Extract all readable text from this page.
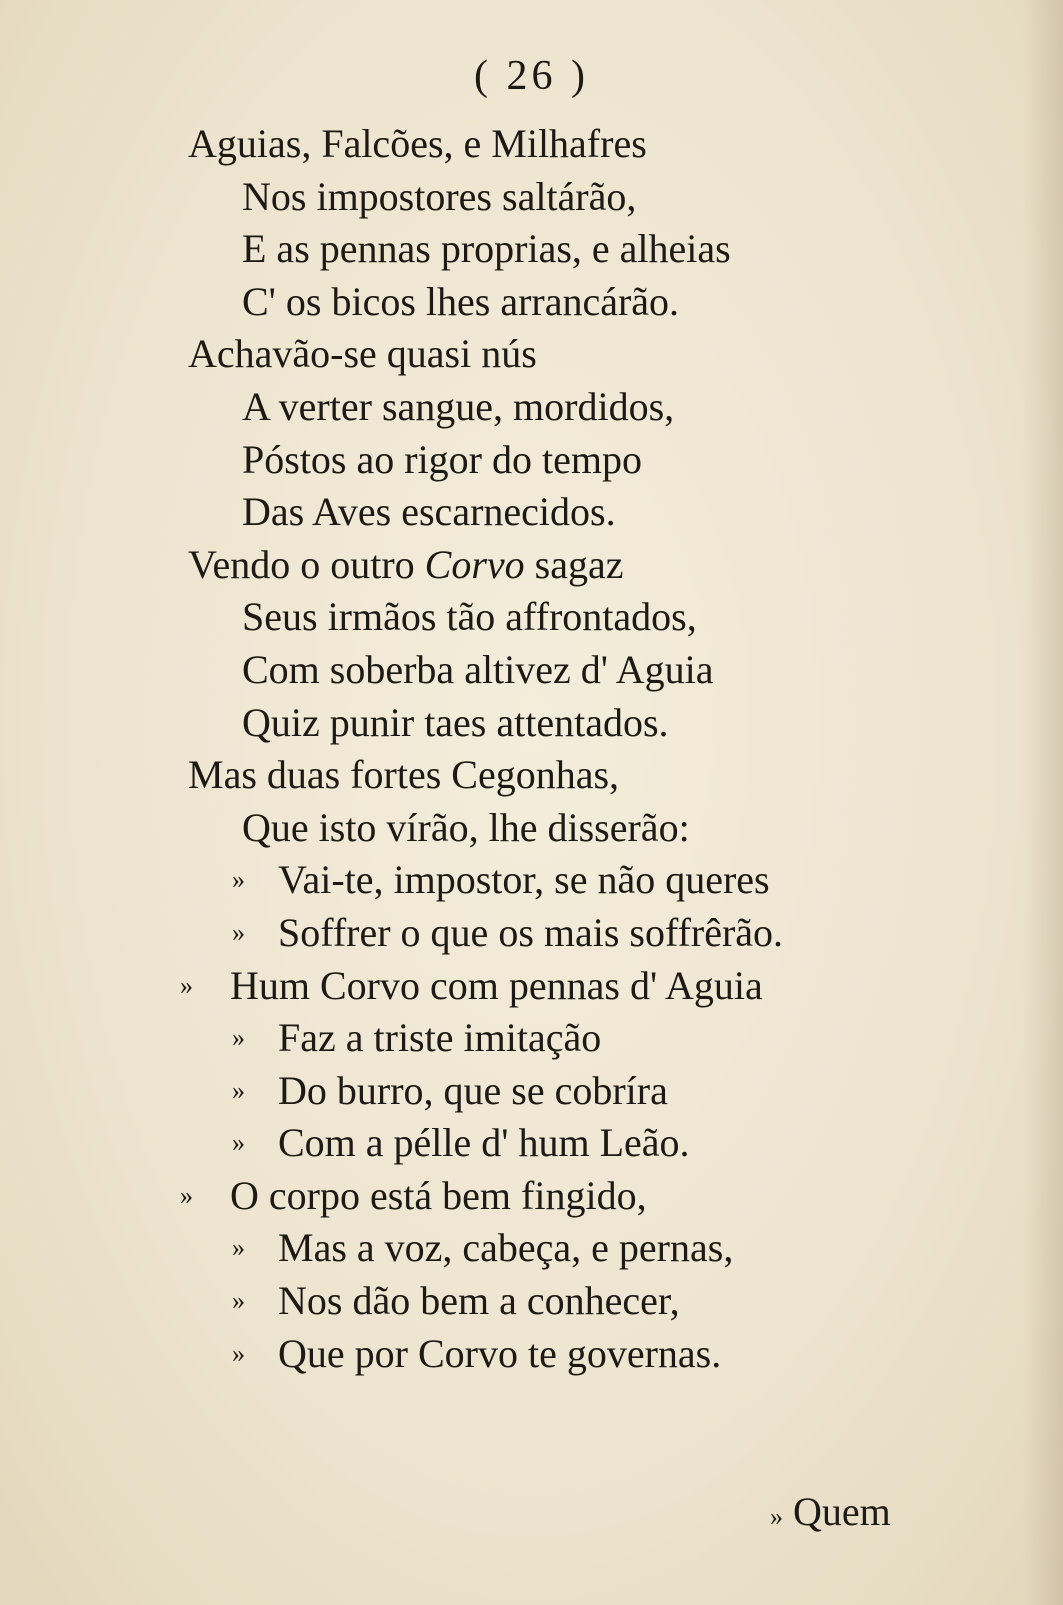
( 26 )
Aguias, Falcões, e Milhafres
Nos impostores saltárão,
E as pennas proprias, e alheias
C' os bicos lhes arrancárão.
Achavão-se quasi nús
A verter sangue, mordidos,
Póstos ao rigor do tempo
Das Aves escarnecidos.
Vendo o outro Corvo sagaz
Seus irmãos tão affrontados,
Com soberba altivez d' Aguia
Quiz punir taes attentados.
Mas duas fortes Cegonhas,
Que isto vírão, lhe disserão:
» Vai-te, impostor, se não queres
» Soffrer o que os mais soffrêrão.
» Hum Corvo com pennas d' Aguia
» Faz a triste imitação
» Do burro, que se cobríra
» Com a pélle d' hum Leão.
» O corpo está bem fingido,
» Mas a voz, cabeça, e pernas,
» Nos dão bem a conhecer,
» Que por Corvo te governas.
» Quem
